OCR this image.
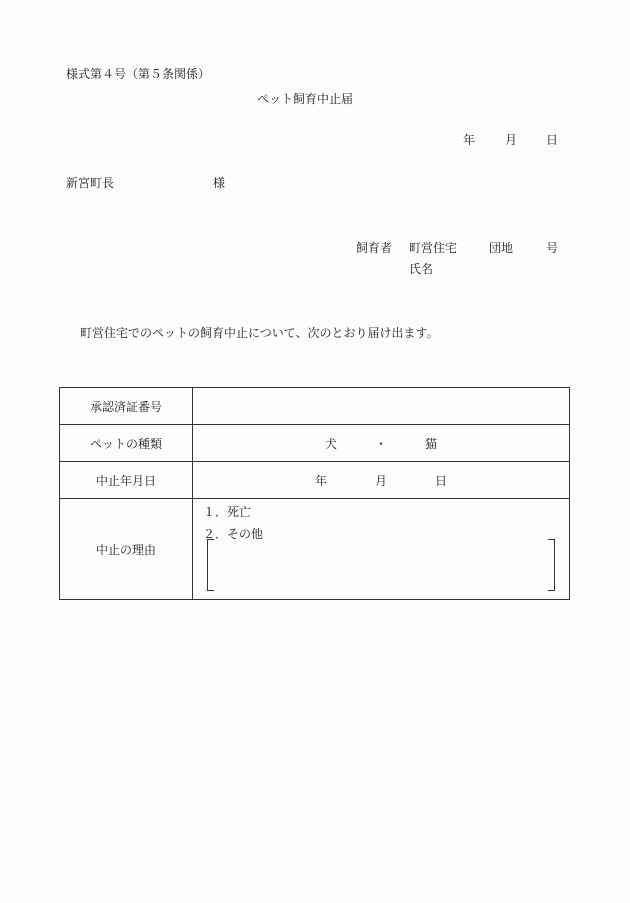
様式第４号（第５条関係）
ペット飼育中止届
年 月 日
新宮町長	様
飼育者 町営住宅	団地	号
氏名
町営住宅でのペットの飼育中止について、次のとおり届け出ます。
承認済証番号	
ペットの種類	犬 ・ 猫
中止年月日	年 月 日
中止の理由	１．死亡
２．その他
